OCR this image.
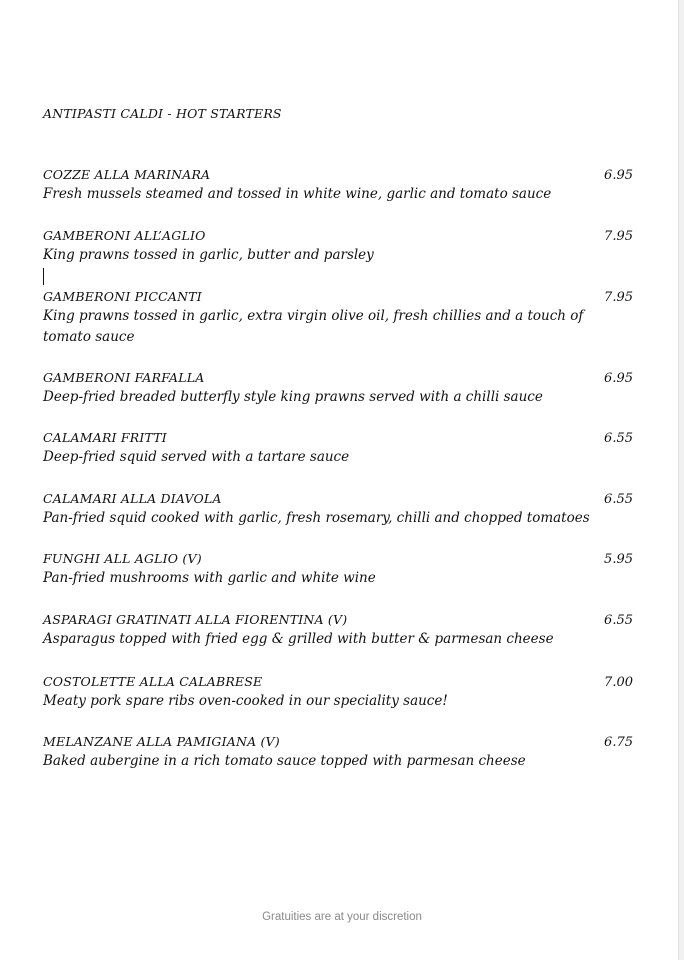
ANTIPASTI CALDI - HOT STARTERS
COZZE ALLA MARINARA	6.95
Fresh mussels steamed and tossed in white wine, garlic and tomato sauce
GAMBERONI ALL’AGLIO	7.95
King prawns tossed in garlic, butter and parsley
GAMBERONI PICCANTI	7.95
King prawns tossed in garlic, extra virgin olive oil, fresh chillies and a touch of tomato sauce
GAMBERONI FARFALLA	6.95
Deep-fried breaded butterfly style king prawns served with a chilli sauce
CALAMARI FRITTI	6.55
Deep-fried squid served with a tartare sauce
CALAMARI ALLA DIAVOLA	6.55
Pan-fried squid cooked with garlic, fresh rosemary, chilli and chopped tomatoes
FUNGHI ALL AGLIO (V)	5.95
Pan-fried mushrooms with garlic and white wine
ASPARAGI GRATINATI ALLA FIORENTINA (V)	6.55
Asparagus topped with fried egg & grilled with butter & parmesan cheese
COSTOLETTE ALLA CALABRESE	7.00
Meaty pork spare ribs oven-cooked in our speciality sauce!
MELANZANE ALLA PAMIGIANA (V)	6.75
Baked aubergine in a rich tomato sauce topped with parmesan cheese
Gratuities are at your discretion
